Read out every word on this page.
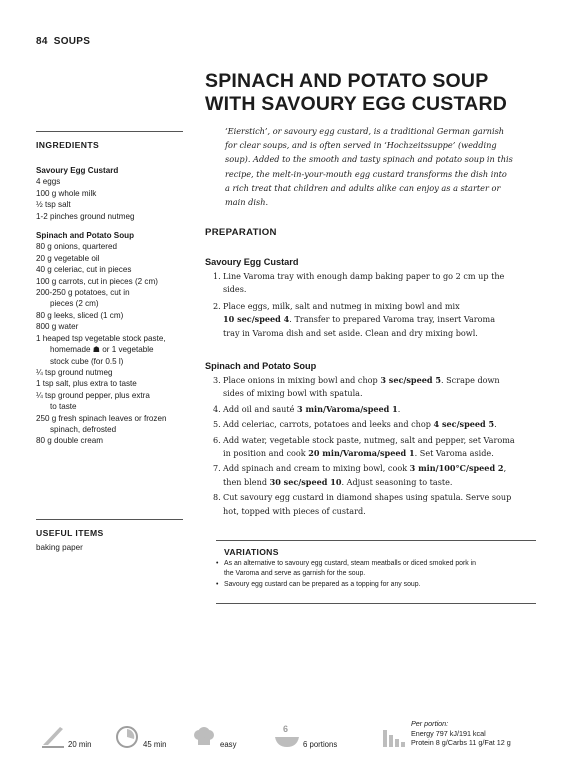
84 SOUPS
SPINACH AND POTATO SOUP
WITH SAVOURY EGG CUSTARD
INGREDIENTS
Savoury Egg Custard
4 eggs
100 g whole milk
½ tsp salt
1-2 pinches ground nutmeg
Spinach and Potato Soup
80 g onions, quartered
20 g vegetable oil
40 g celeriac, cut in pieces
100 g carrots, cut in pieces (2 cm)
200-250 g potatoes, cut in
pieces (2 cm)
80 g leeks, sliced (1 cm)
800 g water
1 heaped tsp vegetable stock paste,
homemade ☗ or 1 vegetable
stock cube (for 0.5 l)
¼ tsp ground nutmeg
1 tsp salt, plus extra to taste
¼ tsp ground pepper, plus extra
to taste
250 g fresh spinach leaves or frozen
spinach, defrosted
80 g double cream
USEFUL ITEMS
baking paper
‘Eierstich’, or savoury egg custard, is a traditional German garnish
for clear soups, and is often served in ‘Hochzeitssuppe’ (wedding
soup). Added to the smooth and tasty spinach and potato soup in this
recipe, the melt-in-your-mouth egg custard transforms the dish into
a rich treat that children and adults alike can enjoy as a starter or
main dish.
PREPARATION
Savoury Egg Custard
1. Line Varoma tray with enough damp baking paper to go 2 cm up the
sides.
2. Place eggs, milk, salt and nutmeg in mixing bowl and mix
10 sec/speed 4. Transfer to prepared Varoma tray, insert Varoma
tray in Varoma dish and set aside. Clean and dry mixing bowl.
Spinach and Potato Soup
3. Place onions in mixing bowl and chop 3 sec/speed 5. Scrape down
sides of mixing bowl with spatula.
4. Add oil and sauté 3 min/Varoma/speed 1.
5. Add celeriac, carrots, potatoes and leeks and chop 4 sec/speed 5.
6. Add water, vegetable stock paste, nutmeg, salt and pepper, set Varoma
in position and cook 20 min/Varoma/speed 1. Set Varoma aside.
7. Add spinach and cream to mixing bowl, cook 3 min/100°C/speed 2,
then blend 30 sec/speed 10. Adjust seasoning to taste.
8. Cut savoury egg custard in diamond shapes using spatula. Serve soup
hot, topped with pieces of custard.
VARIATIONS
• As an alternative to savoury egg custard, steam meatballs or diced smoked pork in
the Varoma and serve as garnish for the soup.
• Savoury egg custard can be prepared as a topping for any soup.
20 min	45 min	easy
6
6 portions
Per portion:
Energy 797 kJ/191 kcal
Protein 8 g/Carbs 11 g/Fat 12 g
